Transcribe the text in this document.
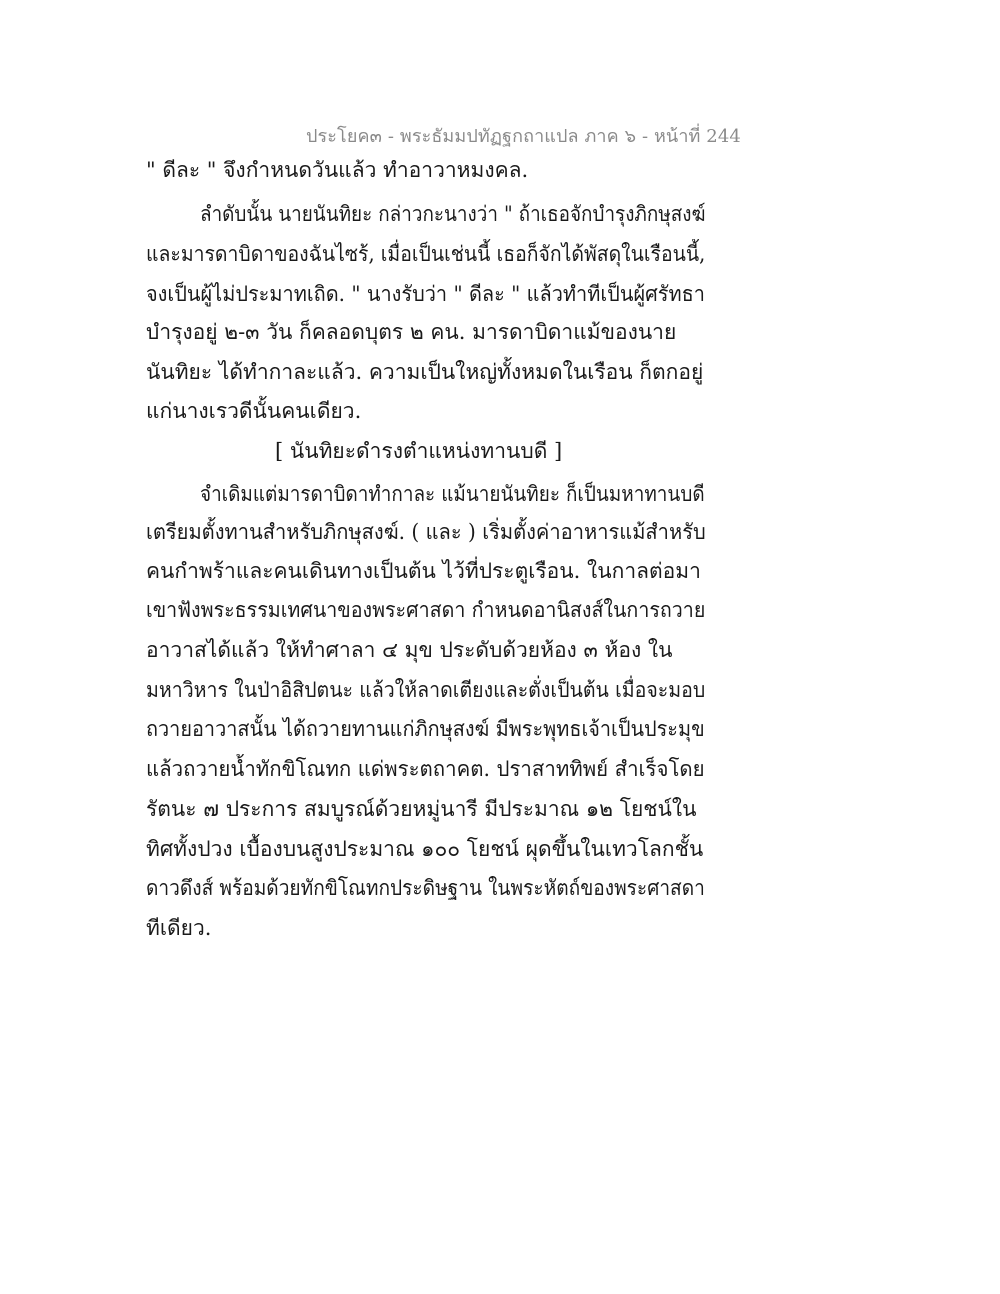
ประโยค๓ - พระธัมมปทัฏฐกถาแปล ภาค ๖ - หน้าที่ 244
" ดีละ " จึงกำหนดวันแล้ว ทำอาวาหมงคล.
ลำดับนั้น นายนันทิยะ กล่าวกะนางว่า " ถ้าเธอจักบำรุงภิกษุสงฆ์
และมารดาบิดาของฉันไซร้, เมื่อเป็นเช่นนี้ เธอก็จักได้พัสดุในเรือนนี้,
จงเป็นผู้ไม่ประมาทเถิด. " นางรับว่า " ดีละ " แล้วทำทีเป็นผู้ศรัทธา
บำรุงอยู่ ๒-๓ วัน ก็คลอดบุตร ๒ คน. มารดาบิดาแม้ของนาย
นันทิยะ ได้ทำกาละแล้ว. ความเป็นใหญ่ทั้งหมดในเรือน ก็ตกอยู่
แก่นางเรวดีนั้นคนเดียว.
[ นันทิยะดำรงตำแหน่งทานบดี ]
จำเดิมแต่มารดาบิดาทำกาละ แม้นายนันทิยะ ก็เป็นมหาทานบดี
เตรียมตั้งทานสำหรับภิกษุสงฆ์. ( และ ) เริ่มตั้งค่าอาหารแม้สำหรับ
คนกำพร้าและคนเดินทางเป็นต้น ไว้ที่ประตูเรือน. ในกาลต่อมา
เขาฟังพระธรรมเทศนาของพระศาสดา กำหนดอานิสงส์ในการถวาย
อาวาสได้แล้ว ให้ทำศาลา ๔ มุข ประดับด้วยห้อง ๓ ห้อง ใน
มหาวิหาร ในป่าอิสิปตนะ แล้วให้ลาดเตียงและตั่งเป็นต้น เมื่อจะมอบ
ถวายอาวาสนั้น ได้ถวายทานแก่ภิกษุสงฆ์ มีพระพุทธเจ้าเป็นประมุข
แล้วถวายน้ำทักขิโณทก แด่พระตถาคต. ปราสาททิพย์ สำเร็จโดย
รัตนะ ๗ ประการ สมบูรณ์ด้วยหมู่นารี มีประมาณ ๑๒ โยชน์ใน
ทิศทั้งปวง เบื้องบนสูงประมาณ ๑๐๐ โยชน์ ผุดขึ้นในเทวโลกชั้น
ดาวดึงส์ พร้อมด้วยทักขิโณทกประดิษฐาน ในพระหัตถ์ของพระศาสดา
ทีเดียว.
